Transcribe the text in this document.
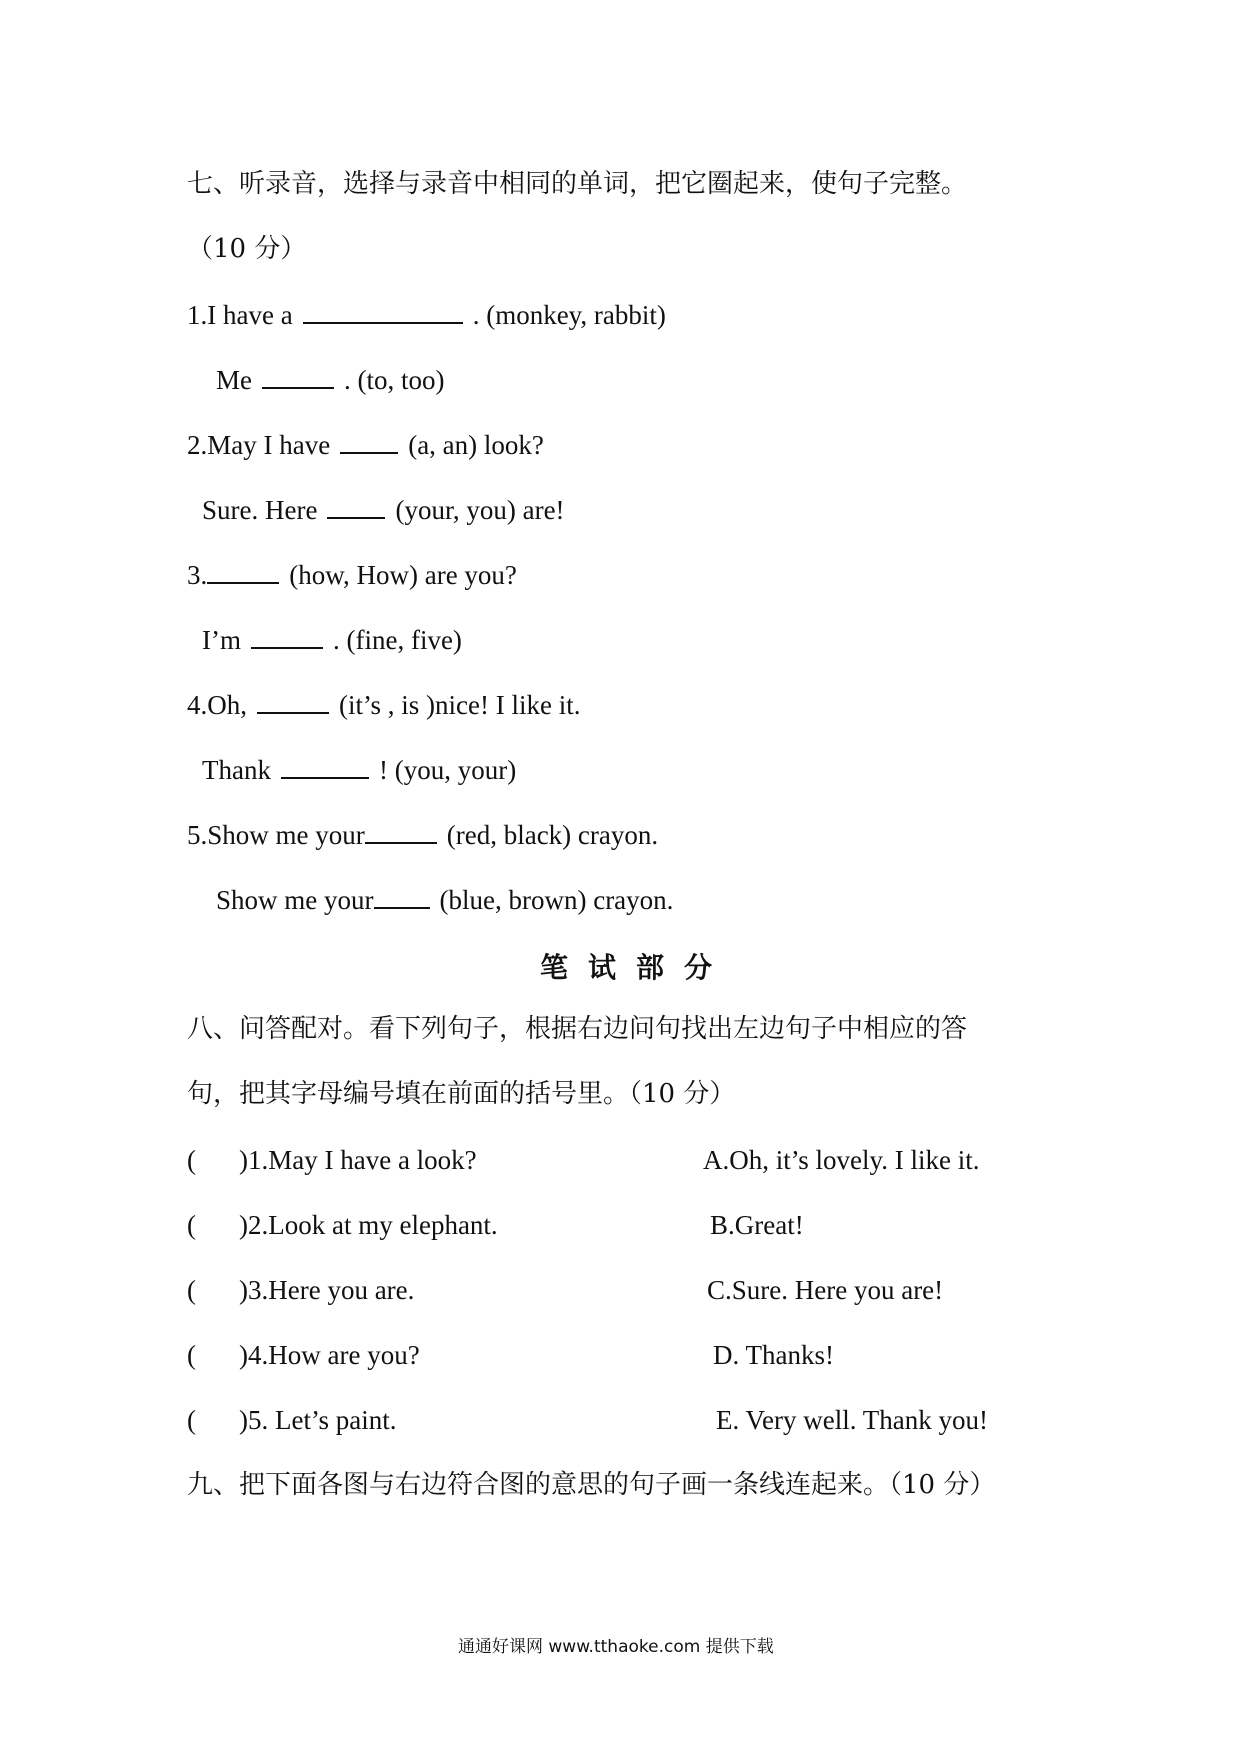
七、听录音，选择与录音中相同的单词，把它圈起来，使句子完整。
（10 分）
1.I have a	. (monkey, rabbit)
Me	. (to, too)
2.May I have	(a, an) look?
Sure. Here	(your, you) are!
3.	(how, How) are you?
I’m	. (fine, five)
4.Oh,	(it’s , is )nice! I like it.
Thank	! (you, your)
5.Show me your	(red, black) crayon.
Show me your (blue, brown) crayon.
笔试部分
八、问答配对。看下列句子，根据右边问句找出左边句子中相应的答
句，把其字母编号填在前面的括号里。（10 分）
( )1.May I have a look?	A.Oh, it’s lovely. I like it.
( )2.Look at my elephant.	B.Great!
( )3.Here you are.	C.Sure. Here you are!
( )4.How are you?	D. Thanks!
( )5. Let’s paint.	E. Very well. Thank you!
九、把下面各图与右边符合图的意思的句子画一条线连起来。（10 分）
通通好课网 www.tthaoke.com 提供下载
